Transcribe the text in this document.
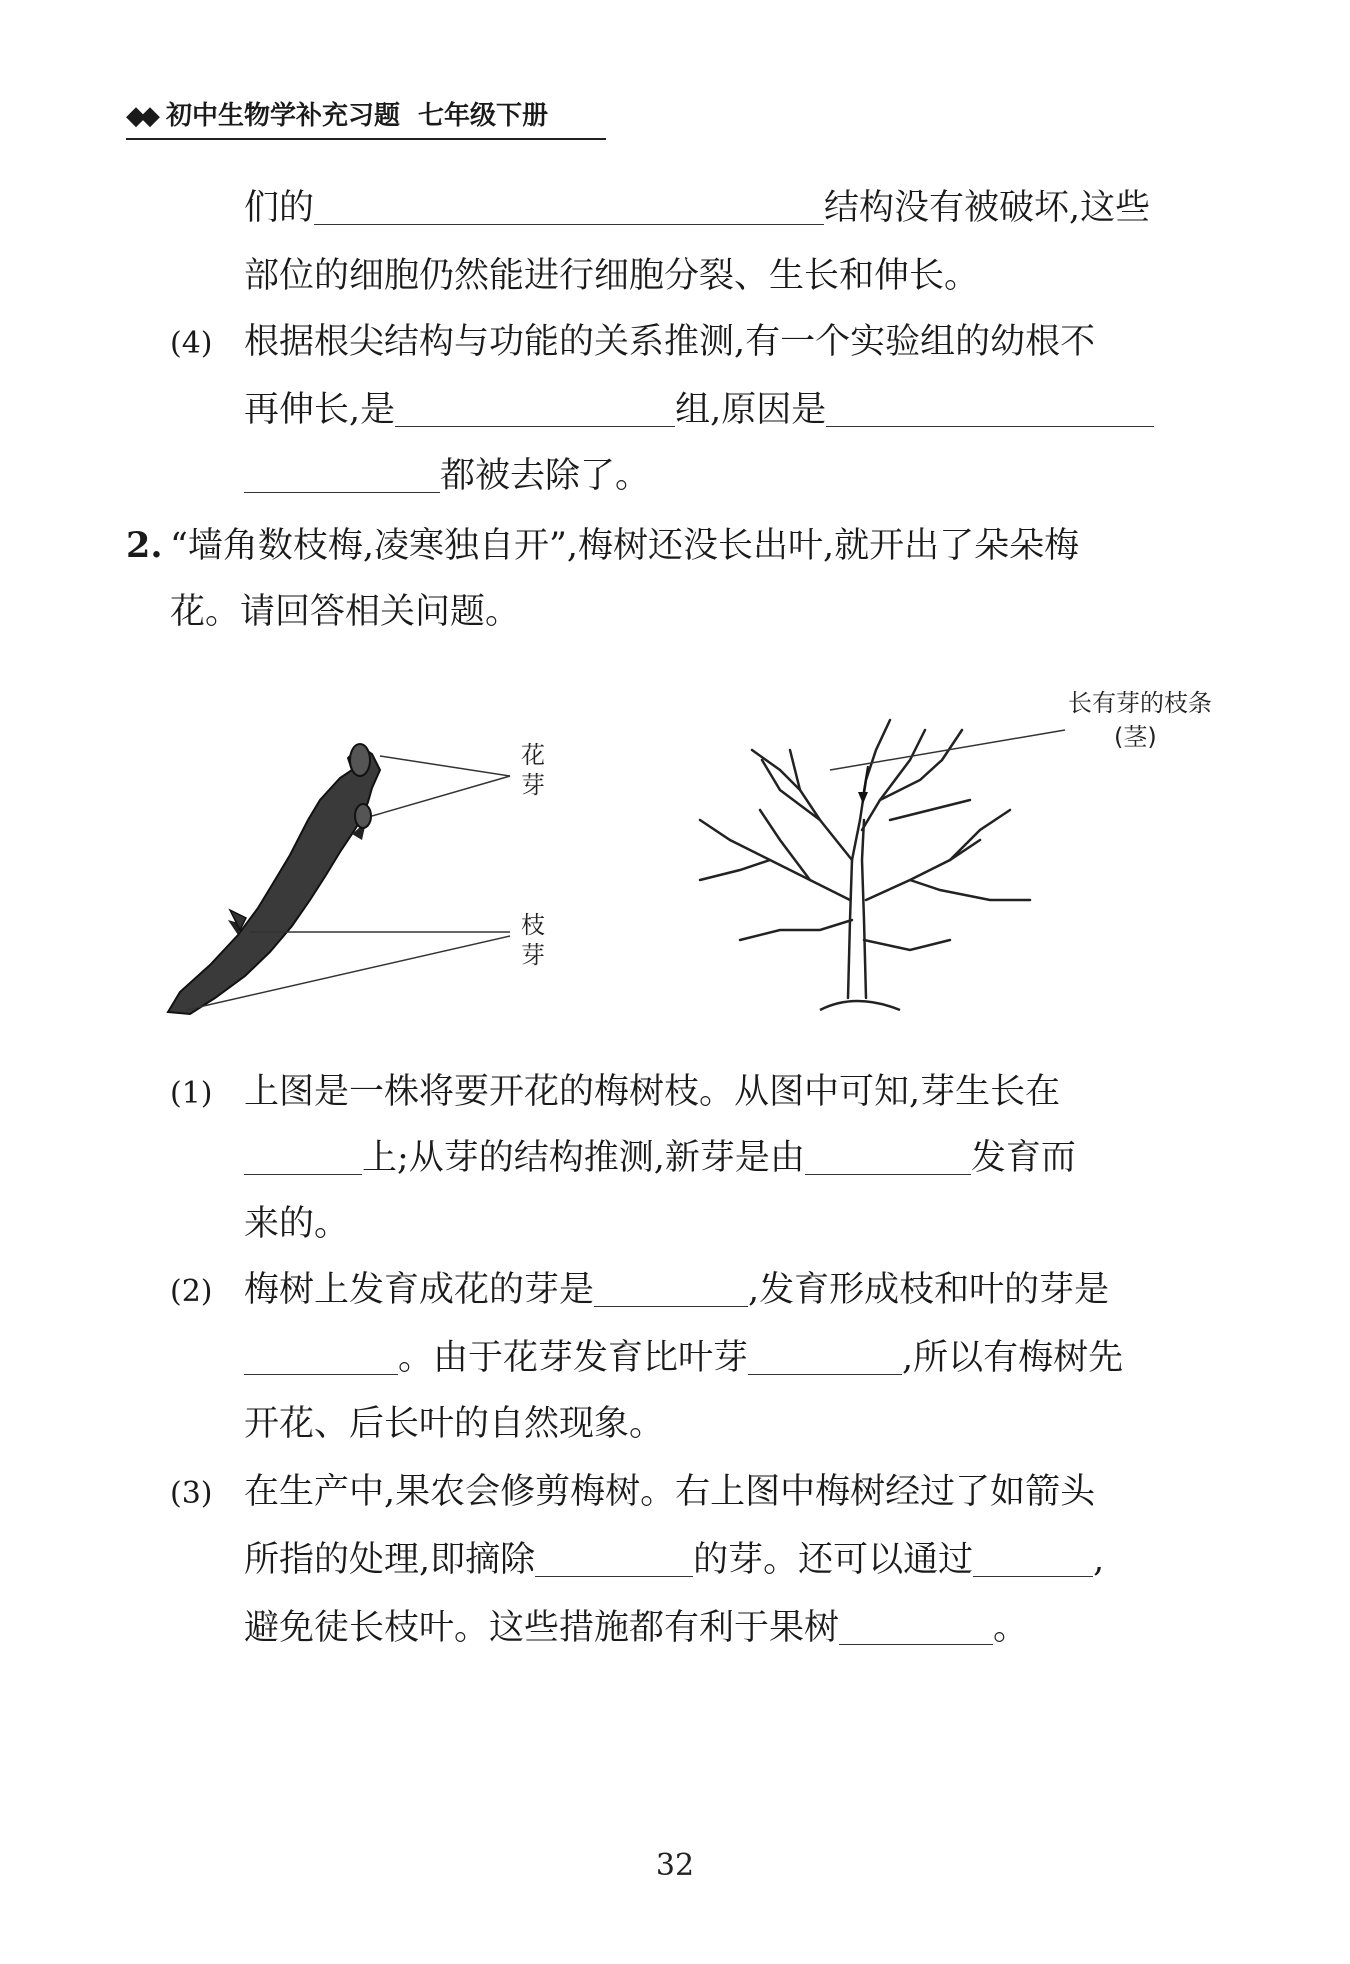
◆◆ 初中生物学补充习题 七年级下册
们的	结构没有被破坏,这些
部位的细胞仍然能进行细胞分裂、生长和伸长。
(4) 根据根尖结构与功能的关系推测,有一个实验组的幼根不
再伸长,是	组,原因是
都被去除了。
2. “墙角数枝梅,凌寒独自开”,梅树还没长出叶,就开出了朵朵梅
花。请回答相关问题。
花
芽
枝
芽
长有芽的枝条
(茎)
(1) 上图是一株将要开花的梅树枝。从图中可知,芽生长在
上;从芽的结构推测,新芽是由	发育而
来的。
(2) 梅树上发育成花的芽是	,发育形成枝和叶的芽是
。由于花芽发育比叶芽	,所以有梅树先
开花、后长叶的自然现象。
(3) 在生产中,果农会修剪梅树。右上图中梅树经过了如箭头
所指的处理,即摘除	的芽。还可以通过	,
避免徒长枝叶。这些措施都有利于果树	。
32
